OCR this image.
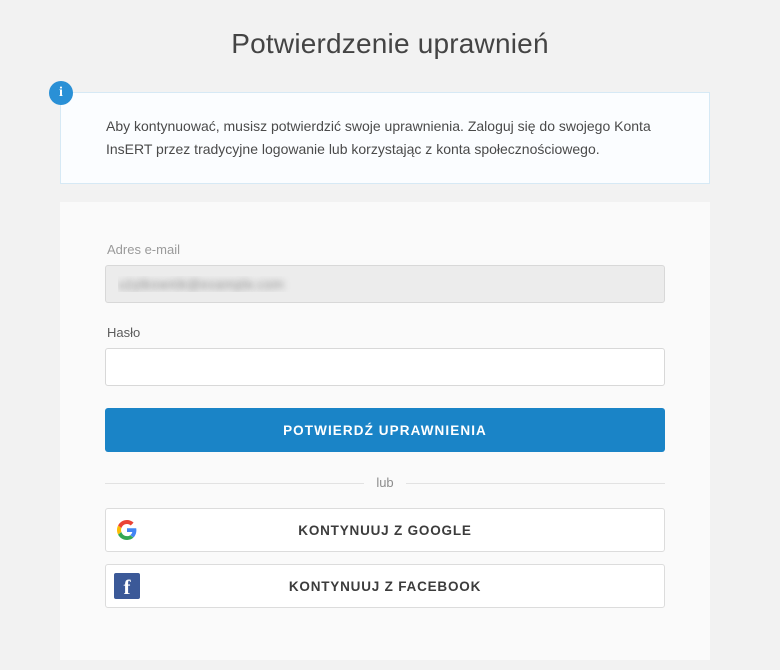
Potwierdzenie uprawnień
i

Aby kontynuować, musisz potwierdzić swoje uprawnienia. Zaloguj się do swojego Konta InsERT przez tradycyjne logowanie lub korzystając z konta społecznościowego.

Adres e-mail
użytkownik@example.com
Hasło
POTWIERDŹ UPRAWNIENIA
lub
KONTYNUUJ Z GOOGLE
f	KONTYNUUJ Z FACEBOOK
